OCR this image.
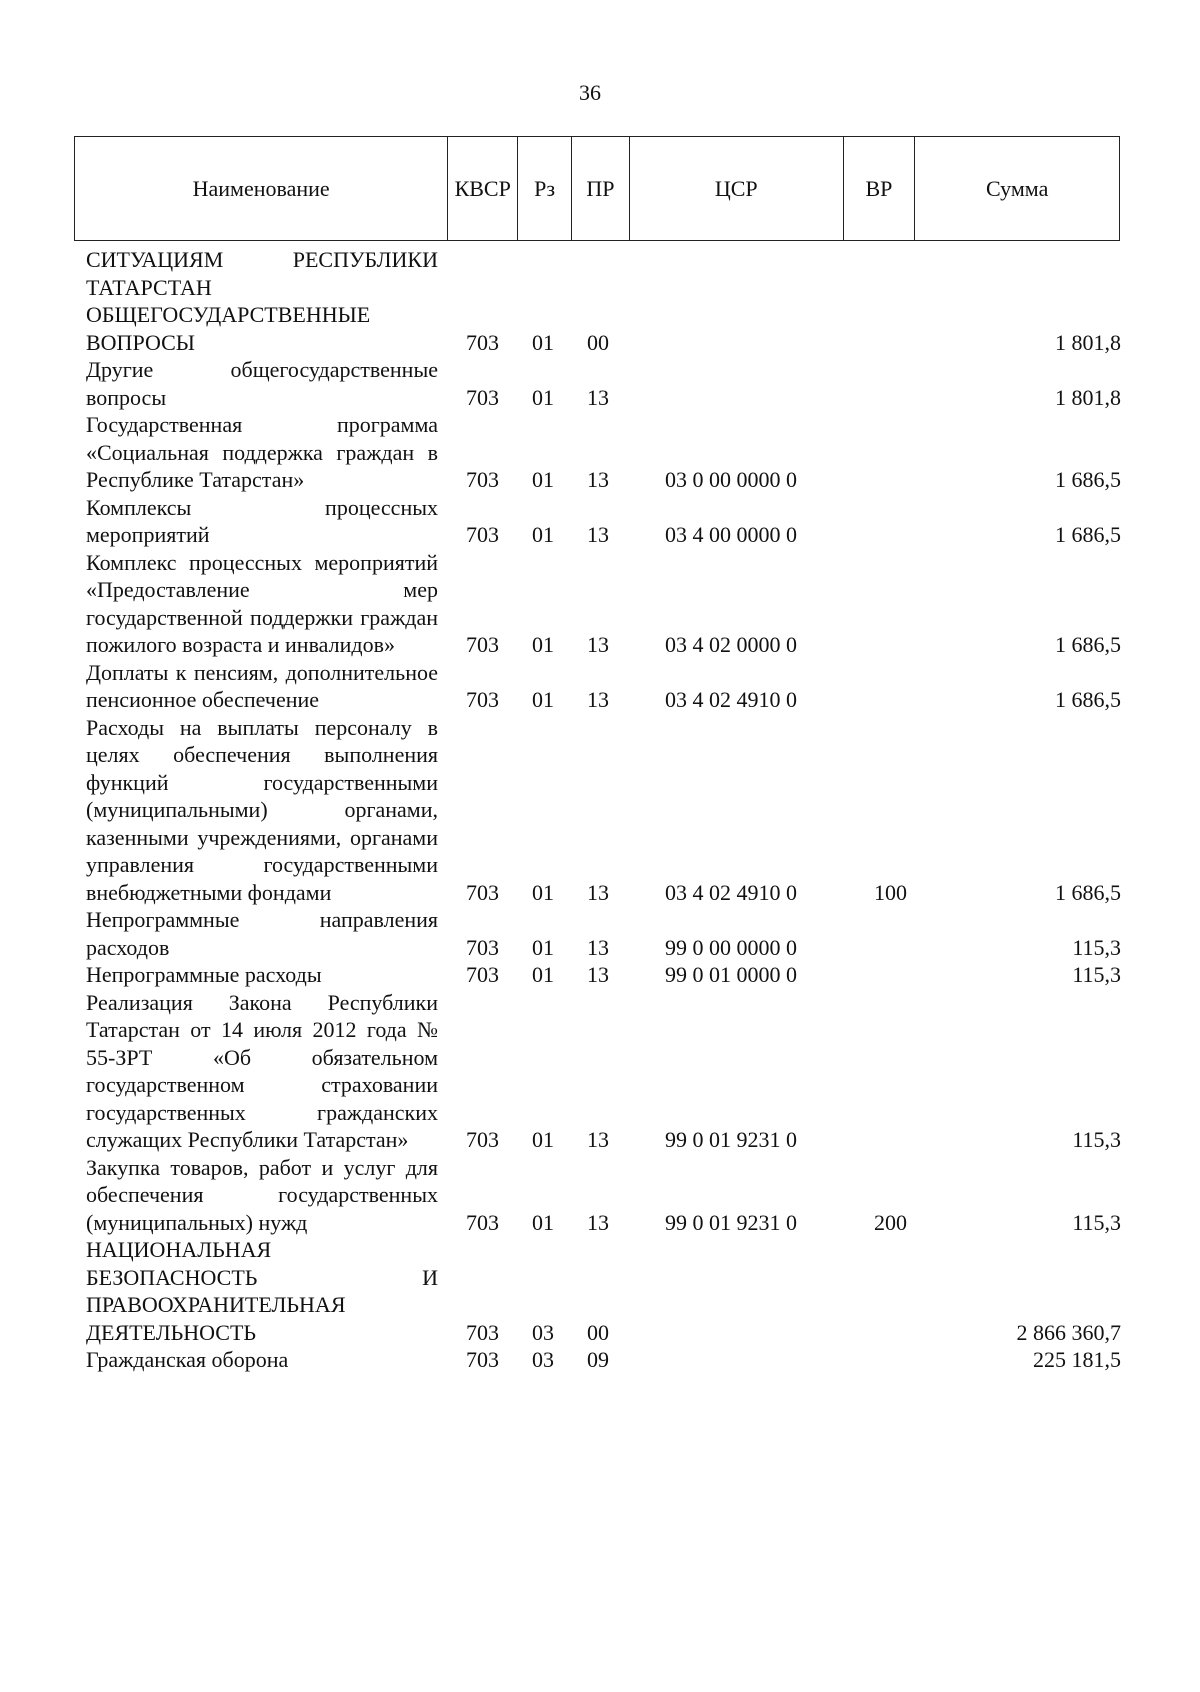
36
Наименование	КВСР	Рз	ПР	ЦСР	ВР	Сумма
СИТУАЦИЯМ РЕСПУБЛИКИ ТАТАРСТАН
ОБЩЕГОСУДАРСТВЕННЫЕ ВОПРОСЫ	703 01 00	1 801,8
Другие общегосударственные вопросы	703 01 13	1 801,8
Государственная программа «Социальная поддержка граждан в Республике Татарстан»	703 01 13	03 0 00 0000 0	1 686,5
Комплексы процессных мероприятий	703 01 13	03 4 00 0000 0	1 686,5
Комплекс процессных мероприятий «Предоставление мер государственной поддержки граждан пожилого возраста и инвалидов»	703 01 13	03 4 02 0000 0	1 686,5
Доплаты к пенсиям, дополнительное пенсионное обеспечение	703 01 13	03 4 02 4910 0	1 686,5
Расходы на выплаты персоналу в целях обеспечения выполнения функций государственными (муниципальными) органами, казенными учреждениями, органами управления государственными внебюджетными фондами	703 01 13	03 4 02 4910 0	100	1 686,5
Непрограммные направления расходов	703 01 13	99 0 00 0000 0	115,3
Непрограммные расходы	703 01 13	99 0 01 0000 0	115,3
Реализация Закона Республики Татарстан от 14 июля 2012 года № 55-ЗРТ «Об обязательном государственном страховании государственных гражданских служащих Республики Татарстан»	703 01 13	99 0 01 9231 0	115,3
Закупка товаров, работ и услуг для обеспечения государственных (муниципальных) нужд	703 01 13	99 0 01 9231 0	200	115,3
НАЦИОНАЛЬНАЯ БЕЗОПАСНОСТЬ И ПРАВООХРАНИТЕЛЬНАЯ ДЕЯТЕЛЬНОСТЬ	703 03 00	2 866 360,7
Гражданская оборона	703 03 09	225 181,5
